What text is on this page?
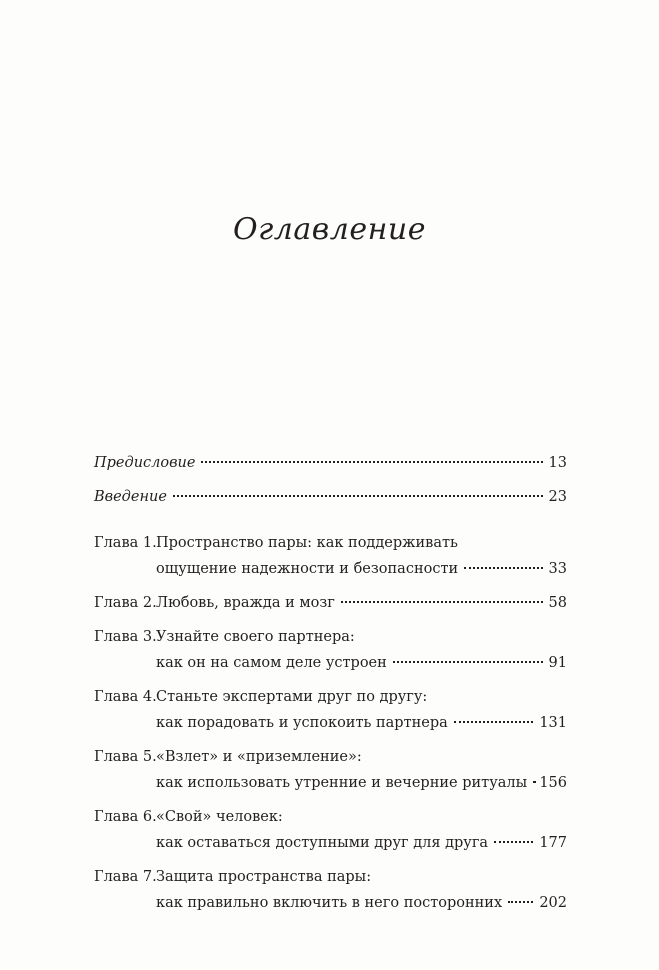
Оглавление
Предисловие	13
Введение	23
Глава 1. Пространство пары: как поддерживать
ощущение надежности и безопасности	33
Глава 2. Любовь, вражда и мозг	58
Глава 3. Узнайте своего партнера:
как он на самом деле устроен	91
Глава 4. Станьте экспертами друг по другу:
как порадовать и успокоить партнера	131
Глава 5. «Взлет» и «приземление»:
как использовать утренние и вечерние ритуалы 156
Глава 6. «Свой» человек:
как оставаться доступными друг для друга	177
Глава 7. Защита пространства пары:
как правильно включить в него посторонних	202
